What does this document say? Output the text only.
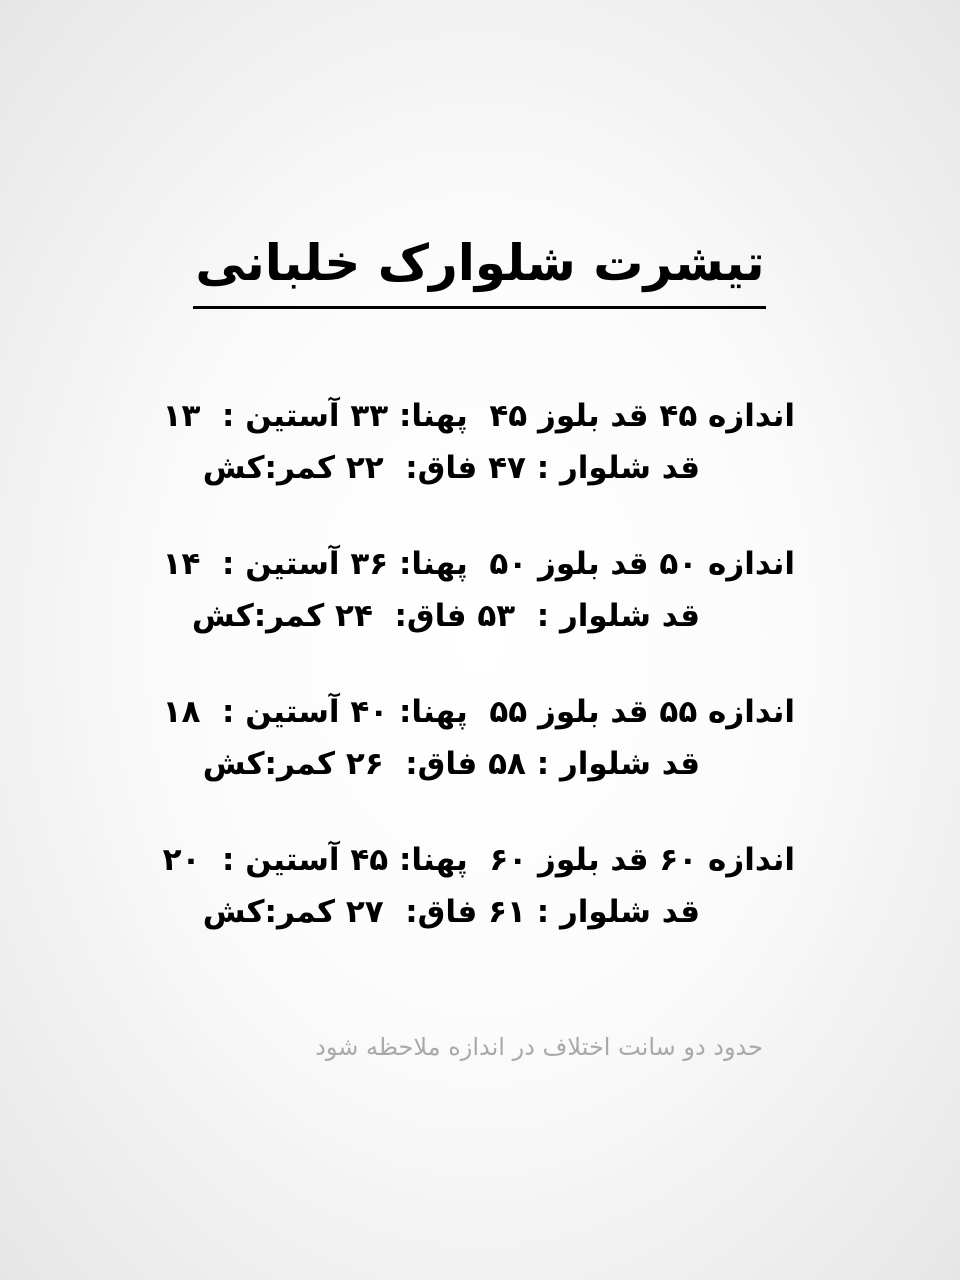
تیشرت شلوارک خلبانی
اندازه ۴۵ قد بلوز ۴۵  پهنا: ۳۳ آستین :  ۱۳
قد شلوار : ۴۷ فاق:  ۲۲ کمر:کش
اندازه ۵۰ قد بلوز ۵۰  پهنا: ۳۶ آستین :  ۱۴
قد شلوار :  ۵۳ فاق:  ۲۴ کمر:کش
اندازه ۵۵ قد بلوز ۵۵  پهنا: ۴۰ آستین :  ۱۸
قد شلوار : ۵۸ فاق:  ۲۶ کمر:کش
اندازه ۶۰ قد بلوز ۶۰  پهنا: ۴۵ آستین :  ۲۰
قد شلوار : ۶۱ فاق:  ۲۷ کمر:کش
حدود دو سانت اختلاف در اندازه ملاحظه شود
